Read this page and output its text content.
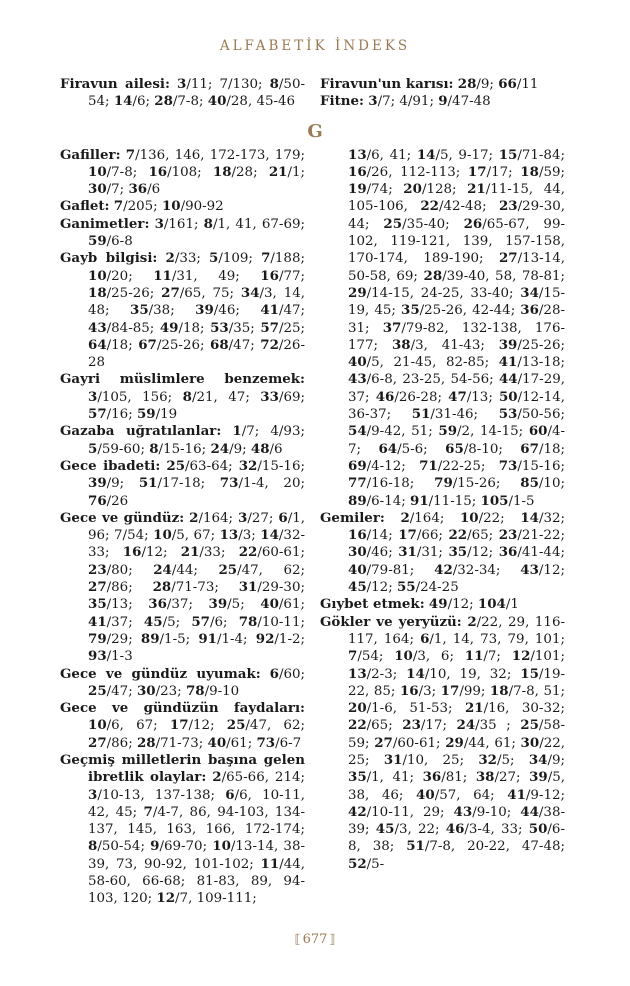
ALFABETİK İNDEKS
G

Firavun ailesi: 3/11; 7/130; 8/50-54; 14/6; 28/7-8; 40/28, 45-46

Gafiller: 7/136, 146, 172-173, 179; 10/7-8; 16/108; 18/28; 21/1; 30/7; 36/6

Gaflet: 7/205; 10/90-92

Ganimetler: 3/161; 8/1, 41, 67-69; 59/6-8

Gayb bilgisi: 2/33; 5/109; 7/188; 10/20; 11/31, 49; 16/77; 18/25-26; 27/65, 75; 34/3, 14, 48; 35/38; 39/46; 41/47; 43/84-85; 49/18; 53/35; 57/25; 64/18; 67/25-26; 68/47; 72/26-28

Gayri müslimlere benzemek: 3/105, 156; 8/21, 47; 33/69; 57/16; 59/19

Gazaba uğratılanlar: 1/7; 4/93; 5/59-60; 8/15-16; 24/9; 48/6

Gece ibadeti: 25/63-64; 32/15-16; 39/9; 51/17-18; 73/1-4, 20; 76/26

Gece ve gündüz: 2/164; 3/27; 6/1, 96; 7/54; 10/5, 67; 13/3; 14/32-33; 16/12; 21/33; 22/60-61; 23/80; 24/44; 25/47, 62; 27/86; 28/71-73; 31/29-30; 35/13; 36/37; 39/5; 40/61; 41/37; 45/5; 57/6; 78/10-11; 79/29; 89/1-5; 91/1-4; 92/1-2; 93/1-3

Gece ve gündüz uyumak: 6/60; 25/47; 30/23; 78/9-10

Gece ve gündüzün faydaları: 10/6, 67; 17/12; 25/47, 62; 27/86; 28/71-73; 40/61; 73/6-7

Geçmiş milletlerin başına gelen ibretlik olaylar: 2/65-66, 214; 3/10-13, 137-138; 6/6, 10-11, 42, 45; 7/4-7, 86, 94-103, 134-137, 145, 163, 166, 172-174; 8/50-54; 9/69-70; 10/13-14, 38-39, 73, 90-92, 101-102; 11/44, 58-60, 66-68; 81-83, 89, 94-103, 120; 12/7, 109-111;

Firavun'un karısı: 28/9; 66/11

Fitne: 3/7; 4/91; 9/47-48

13/6, 41; 14/5, 9-17; 15/71-84; 16/26, 112-113; 17/17; 18/59; 19/74; 20/128; 21/11-15, 44, 105-106, 22/42-48; 23/29-30, 44; 25/35-40; 26/65-67, 99-102, 119-121, 139, 157-158, 170-174, 189-190; 27/13-14, 50-58, 69; 28/39-40, 58, 78-81; 29/14-15, 24-25, 33-40; 34/15-19, 45; 35/25-26, 42-44; 36/28-31; 37/79-82, 132-138, 176-177; 38/3, 41-43; 39/25-26; 40/5, 21-45, 82-85; 41/13-18; 43/6-8, 23-25, 54-56; 44/17-29, 37; 46/26-28; 47/13; 50/12-14, 36-37; 51/31-46; 53/50-56; 54/9-42, 51; 59/2, 14-15; 60/4-7; 64/5-6; 65/8-10; 67/18; 69/4-12; 71/22-25; 73/15-16; 77/16-18; 79/15-26; 85/10; 89/6-14; 91/11-15; 105/1-5

Gemiler: 2/164; 10/22; 14/32; 16/14; 17/66; 22/65; 23/21-22; 30/46; 31/31; 35/12; 36/41-44; 40/79-81; 42/32-34; 43/12; 45/12; 55/24-25

Gıybet etmek: 49/12; 104/1

Gökler ve yeryüzü: 2/22, 29, 116-117, 164; 6/1, 14, 73, 79, 101; 7/54; 10/3, 6; 11/7; 12/101; 13/2-3; 14/10, 19, 32; 15/19-22, 85; 16/3; 17/99; 18/7-8, 51; 20/1-6, 51-53; 21/16, 30-32; 22/65; 23/17; 24/35 ; 25/58-59; 27/60-61; 29/44, 61; 30/22, 25; 31/10, 25; 32/5; 34/9; 35/1, 41; 36/81; 38/27; 39/5, 38, 46; 40/57, 64; 41/9-12; 42/10-11, 29; 43/9-10; 44/38-39; 45/3, 22; 46/3-4, 33; 50/6-8, 38; 51/7-8, 20-22, 47-48; 52/5-

⟦ 677 ⟧
